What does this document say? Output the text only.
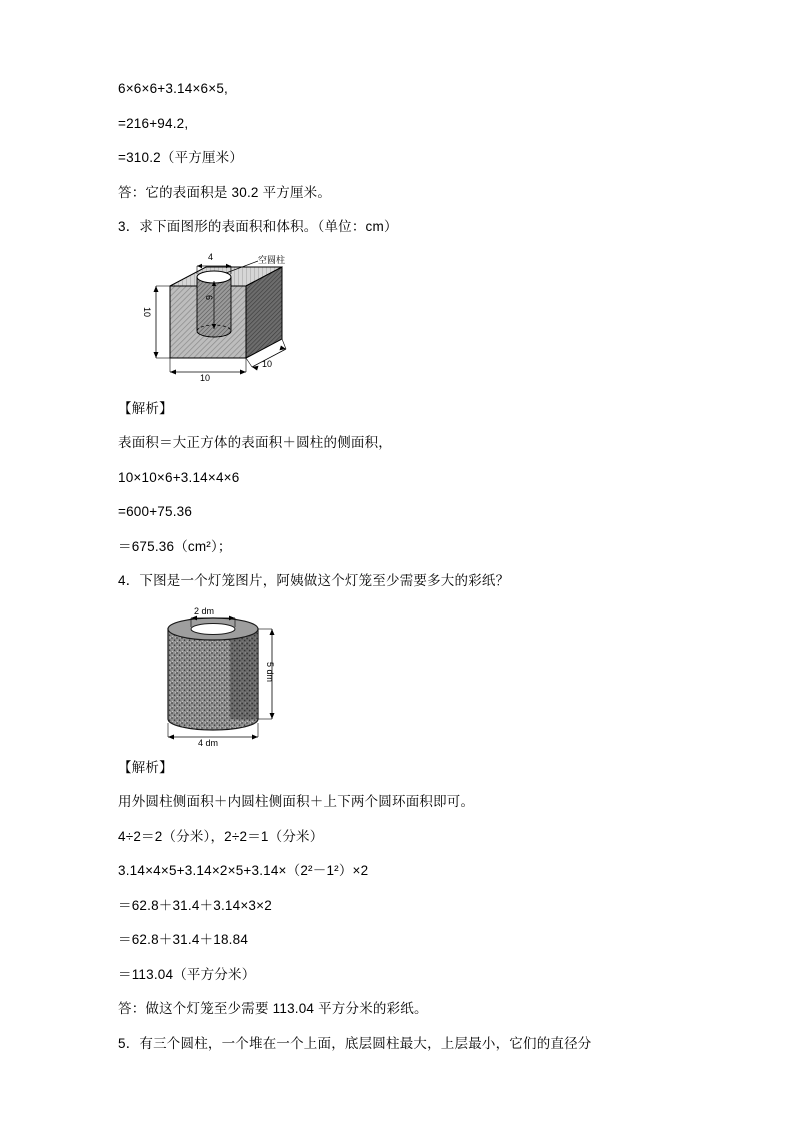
6×6×6+3.14×6×5,
=216+94.2,
=310.2（平方厘米）
答：它的表面积是 30.2 平方厘米。
3．求下面图形的表面积和体积。（单位：cm）
空圆柱
4
6
10
10
10
【解析】
表面积＝大正方体的表面积＋圆柱的侧面积，
10×10×6+3.14×4×6
=600+75.36
＝675.36（cm²）；
4．下图是一个灯笼图片，阿姨做这个灯笼至少需要多大的彩纸？
2 dm
5 dm
4 dm
【解析】
用外圆柱侧面积＋内圆柱侧面积＋上下两个圆环面积即可。
4÷2＝2（分米），2÷2＝1（分米）
3.14×4×5+3.14×2×5+3.14×（2²－1²）×2
＝62.8＋31.4＋3.14×3×2
＝62.8＋31.4＋18.84
＝113.04（平方分米）
答：做这个灯笼至少需要 113.04 平方分米的彩纸。
5．有三个圆柱，一个堆在一个上面，底层圆柱最大，上层最小，它们的直径分
